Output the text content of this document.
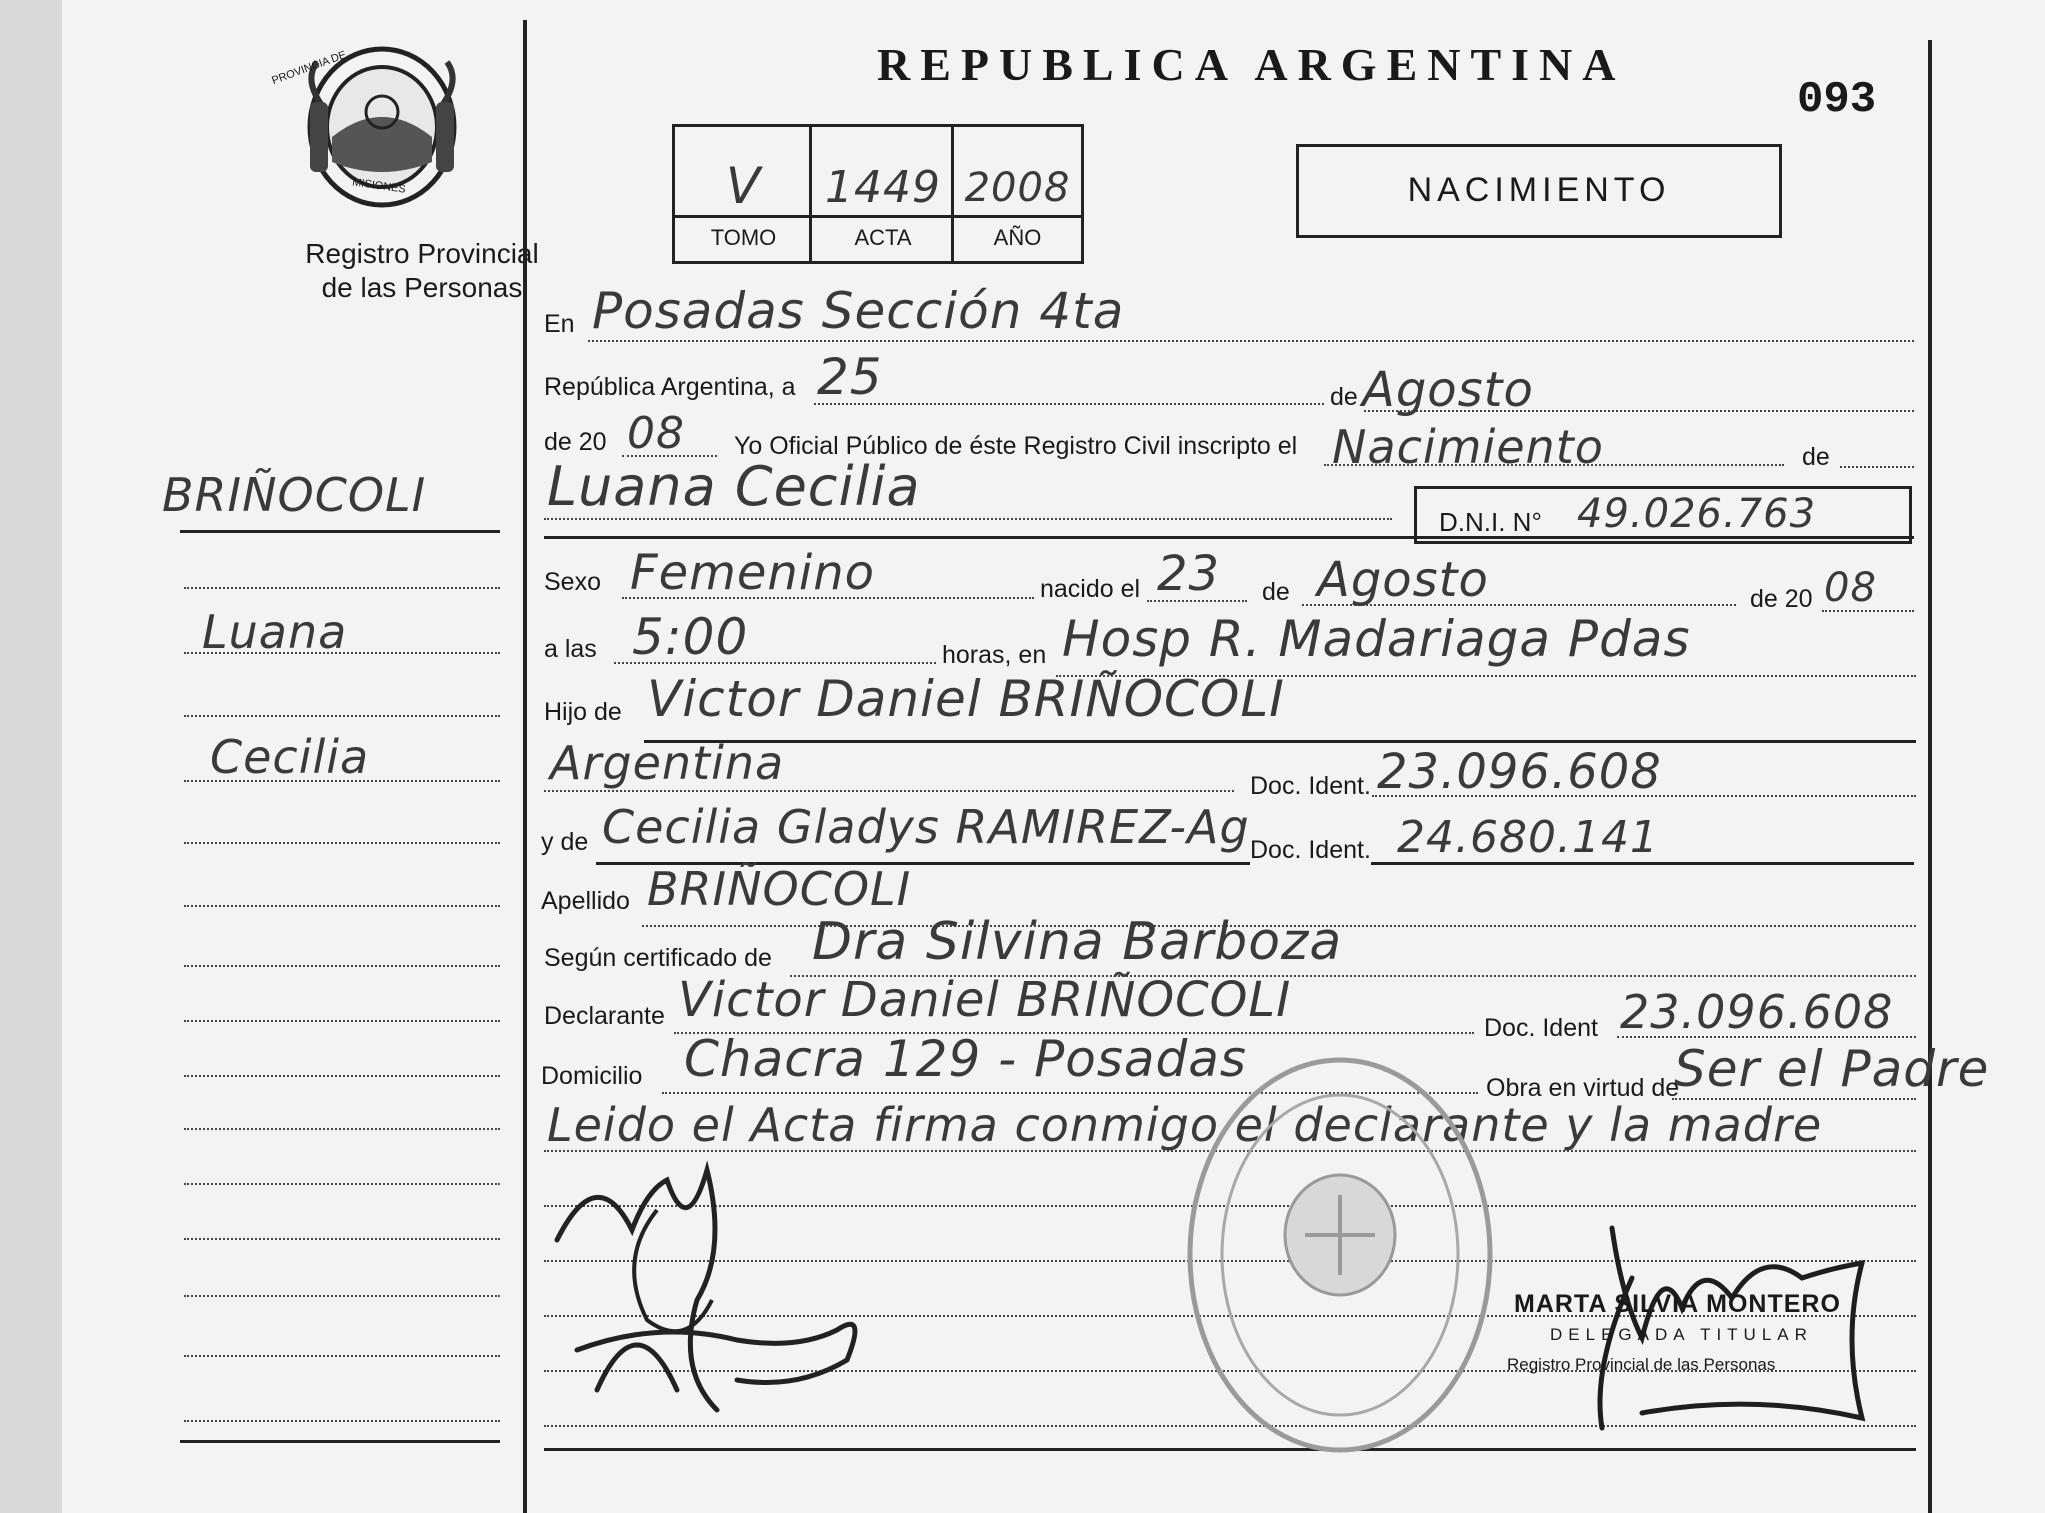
PROVINCIA DE
MISIONES
Registro Provincial
de las Personas
BRIÑOCOLI
Luana
Cecilia
REPUBLICA ARGENTINA
093
V	1449 2008
TOMO	ACTA	AÑO
NACIMIENTO
En Posadas Sección 4ta
República Argentina, a 25	de Agosto
de 20 08 Yo Oficial Público de éste Registro Civil inscripto el Nacimiento	de
Luana Cecilia
D.N.I. N° 49.026.763
Sexo Femenino	nacido el 23 de Agosto	de 20 08
a las 5:00	horas, en Hosp R. Madariaga Pdas
Hijo de Victor Daniel BRIÑOCOLI
Argentina	Doc. Ident. 23.096.608
y de Cecilia Gladys RAMIREZ-Ag Doc. Ident. 24.680.141
Apellido BRIÑOCOLI
Según certificado de Dra Silvina Barboza
Declarante Victor Daniel BRIÑOCOLI	Doc. Ident 23.096.608
Domicilio Chacra 129 - Posadas	Obra en virtud de
Ser el Padre
Leido el Acta firma conmigo el declarante y la madre
MARTA SILVIA MONTERO
DELEGADA TITULAR
Registro Provincial de las Personas
